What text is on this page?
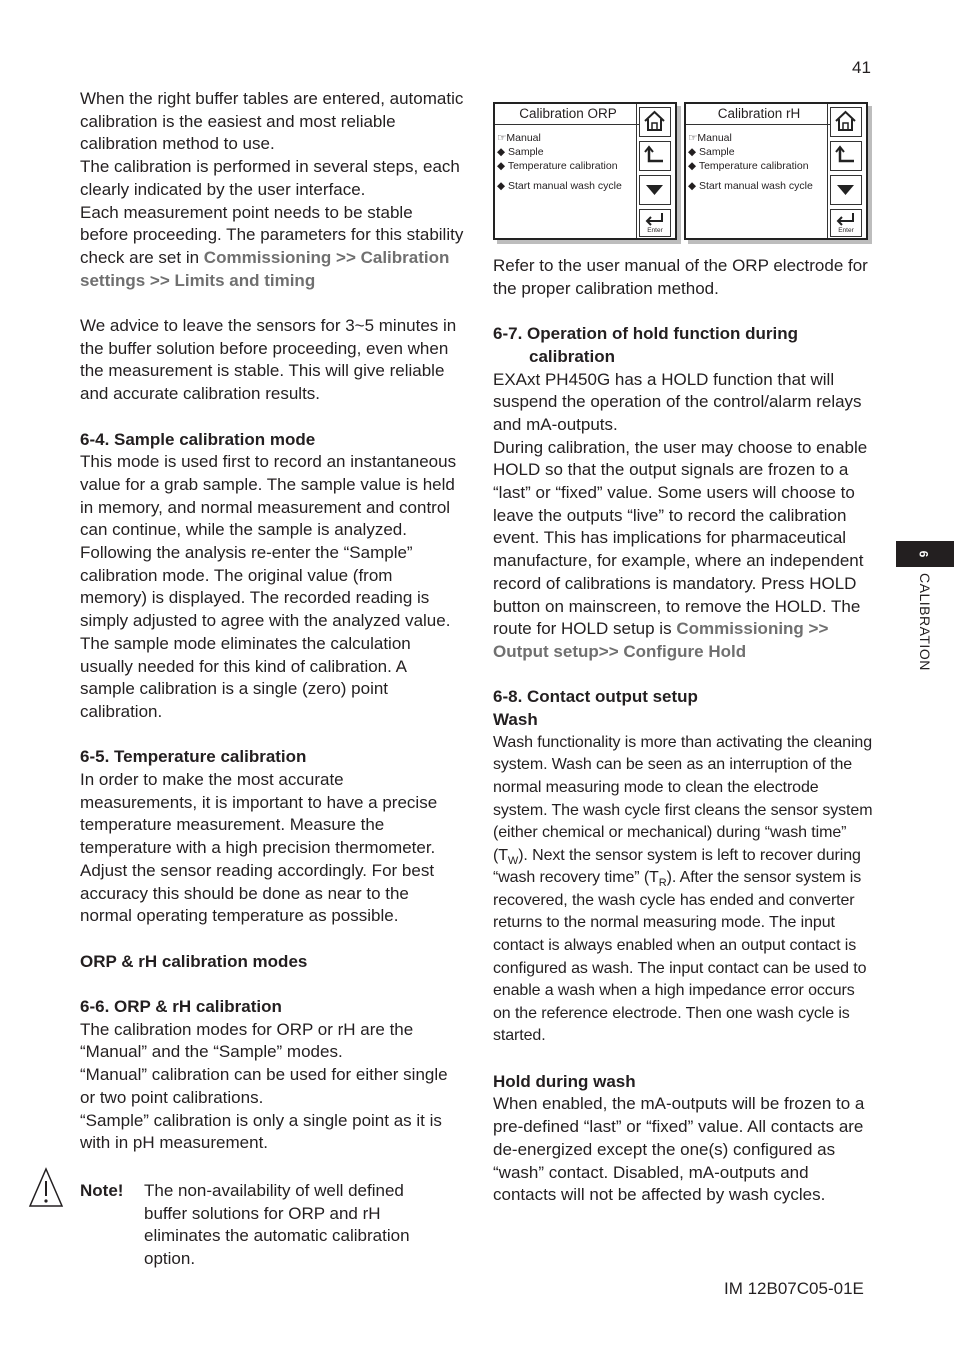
41

When the right buffer tables are entered, automatic calibration is the easiest and most reliable calibration method to use.

The calibration is performed in several steps, each clearly indicated by the user interface.

Each measurement point needs to be stable before proceeding. The parameters for this stability check are set in Commissioning >> Calibration settings >> Limits and timing

We advice to leave the sensors for 3~5 minutes in the buffer solution before proceeding, even when the measurement is stable. This will give reliable and accurate calibration results.

6-4. Sample calibration mode

This mode is used first to record an instantaneous value for a grab sample. The sample value is held in memory, and normal measurement and control can continue, while the sample is analyzed. Following the analysis re-enter the “Sample” calibration mode. The original value (from memory) is displayed. The recorded reading is simply adjusted to agree with the analyzed value. The sample mode eliminates the calculation usually needed for this kind of calibration. A sample calibration is a single (zero) point calibration.

6-5. Temperature calibration

In order to make the most accurate measurements, it is important to have a precise temperature measurement. Measure the temperature with a high precision thermometer. Adjust the sensor reading accordingly. For best accuracy this should be done as near to the normal operating temperature as possible.

ORP & rH calibration modes

6-6. ORP & rH calibration

The calibration modes for ORP or rH are the “Manual” and the “Sample” modes.

“Manual” calibration can be used for either single or two point calibrations.

“Sample” calibration is only a single point as it is with in pH measurement.

Note! The non-availability of well defined buffer solutions for ORP and rH eliminates the automatic calibration option.
Calibration ORP
☞Manual
◆ Sample
◆ Temperature calibration
◆ Start manual wash cycle
Enter
Calibration rH
☞Manual
◆ Sample
◆ Temperature calibration
◆ Start manual wash cycle
Enter

Refer to the user manual of the ORP electrode for the proper calibration method.

6-7. Operation of hold function during calibration

EXAxt PH450G has a HOLD function that will suspend the operation of the control/alarm relays and mA-outputs.

During calibration, the user may choose to enable HOLD so that the output signals are frozen to a “last” or “fixed” value. Some users will choose to leave the outputs “live” to record the calibration event. This has implications for pharmaceutical manufacture, for example, where an independent record of calibrations is mandatory. Press HOLD button on mainscreen, to remove the HOLD. The route for HOLD setup is Commissioning >> Output setup>> Configure Hold

6-8. Contact output setup

Wash

Wash functionality is more than activating the cleaning system. Wash can be seen as an interruption of the normal measuring mode to clean the electrode system. The wash cycle first cleans the sensor system (either chemical or mechanical) during “wash time” $(T_W)$. Next the sensor system is left to recover during “wash recovery time” $(T_R)$. After the sensor system is recovered, the wash cycle has ended and converter returns to the normal measuring mode. The input contact is always enabled when an output contact is configured as wash. The input contact can be used to enable a wash when a high impedance error occurs on the reference electrode. Then one wash cycle is started.

Hold during wash

When enabled, the mA-outputs will be frozen to a pre-defined “last” or “fixed” value. All contacts are de-energized except the one(s) configured as “wash” contact. Disabled, mA-outputs and contacts will not be affected by wash cycles.

IM 12B07C05-01E
6
CALIBRATION
